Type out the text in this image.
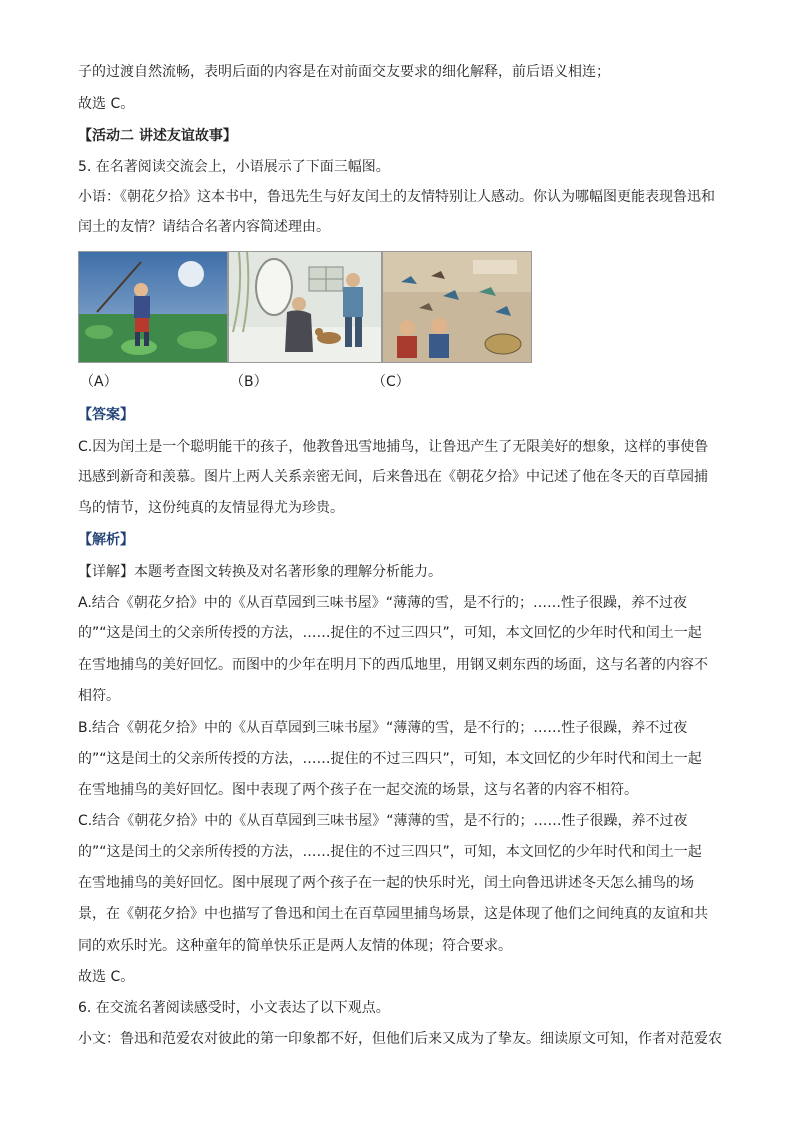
子的过渡自然流畅，表明后面的内容是在对前面交友要求的细化解释，前后语义相连；
故选 C。
【活动二 讲述友谊故事】
5. 在名著阅读交流会上，小语展示了下面三幅图。
小语：《朝花夕拾》这本书中，鲁迅先生与好友闰土的友情特别让人感动。你认为哪幅图更能表现鲁迅和
闰土的友情？请结合名著内容简述理由。
（A）	（B）	（C）
【答案】
C.因为闰土是一个聪明能干的孩子，他教鲁迅雪地捕鸟，让鲁迅产生了无限美好的想象，这样的事使鲁
迅感到新奇和羡慕。图片上两人关系亲密无间，后来鲁迅在《朝花夕拾》中记述了他在冬天的百草园捕
鸟的情节，这份纯真的友情显得尤为珍贵。
【解析】
【详解】本题考查图文转换及对名著形象的理解分析能力。
A.结合《朝花夕拾》中的《从百草园到三味书屋》“薄薄的雪，是不行的；……性子很躁，养不过夜
的”“这是闰土的父亲所传授的方法，……捉住的不过三四只”，可知，本文回忆的少年时代和闰土一起
在雪地捕鸟的美好回忆。而图中的少年在明月下的西瓜地里，用钢叉刺东西的场面，这与名著的内容不
相符。
B.结合《朝花夕拾》中的《从百草园到三味书屋》“薄薄的雪，是不行的；……性子很躁，养不过夜
的”“这是闰土的父亲所传授的方法，……捉住的不过三四只”，可知，本文回忆的少年时代和闰土一起
在雪地捕鸟的美好回忆。图中表现了两个孩子在一起交流的场景，这与名著的内容不相符。
C.结合《朝花夕拾》中的《从百草园到三味书屋》“薄薄的雪，是不行的；……性子很躁，养不过夜
的”“这是闰土的父亲所传授的方法，……捉住的不过三四只”，可知，本文回忆的少年时代和闰土一起
在雪地捕鸟的美好回忆。图中展现了两个孩子在一起的快乐时光，闰土向鲁迅讲述冬天怎么捕鸟的场
景，在《朝花夕拾》中也描写了鲁迅和闰土在百草园里捕鸟场景，这是体现了他们之间纯真的友谊和共
同的欢乐时光。这种童年的简单快乐正是两人友情的体现；符合要求。
故选 C。
6. 在交流名著阅读感受时，小文表达了以下观点。
小文：鲁迅和范爱农对彼此的第一印象都不好，但他们后来又成为了挚友。细读原文可知，作者对范爱农
